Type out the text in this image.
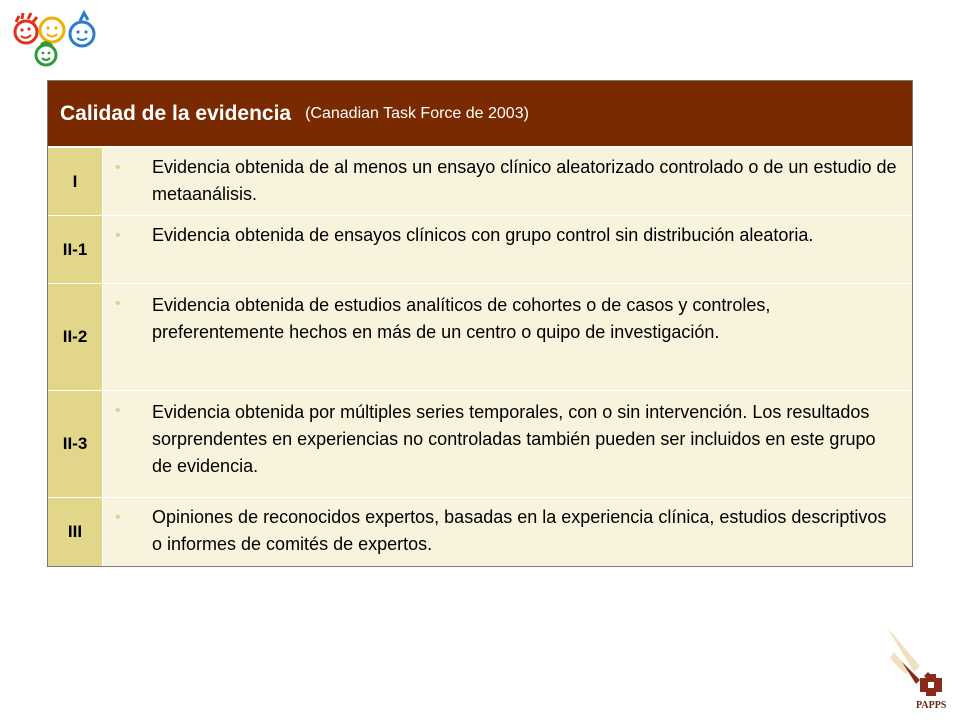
Calidad de la evidencia (Canadian Task Force de 2003)
I
• Evidencia obtenida de al menos un ensayo clínico aleatorizado controlado o de un estudio de metaanálisis.
II-1
• Evidencia obtenida de ensayos clínicos con grupo control sin distribución aleatoria.
II-2
• Evidencia obtenida de estudios analíticos de cohortes o de casos y controles, preferentemente hechos en más de un centro o quipo de investigación.
II-3
• Evidencia obtenida por múltiples series temporales, con o sin intervención. Los resultados sorprendentes en experiencias no controladas también pueden ser incluidos en este grupo de evidencia.
III
• Opiniones de reconocidos expertos, basadas en la experiencia clínica, estudios descriptivos o informes de comités de expertos.
PAPPS
